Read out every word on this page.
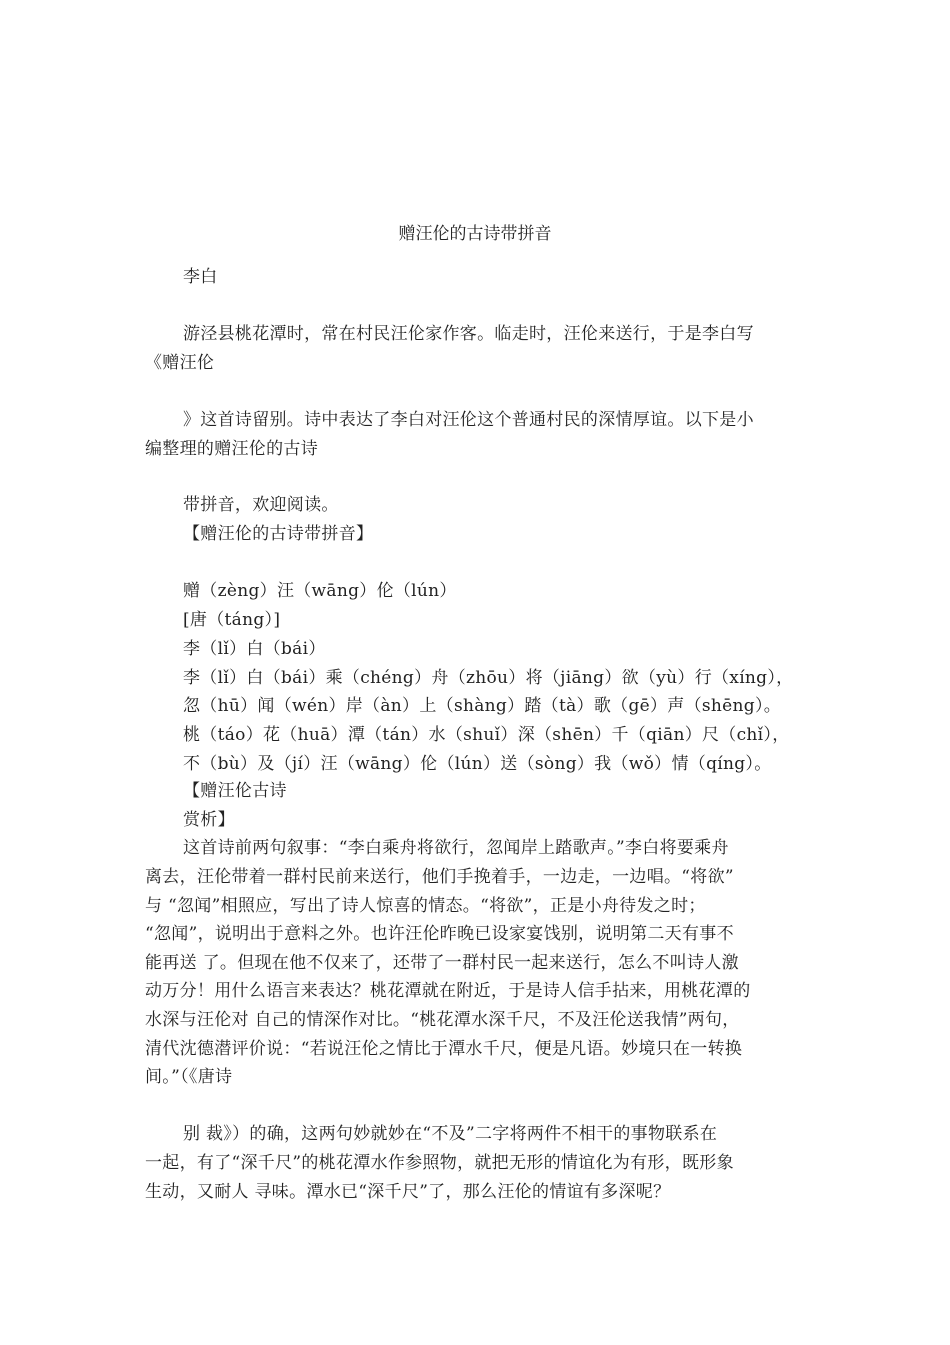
赠汪伦的古诗带拼音
李白
游泾县桃花潭时，常在村民汪伦家作客。临走时，汪伦来送行，于是李白写
《赠汪伦
》这首诗留别。诗中表达了李白对汪伦这个普通村民的深情厚谊。以下是小
编整理的赠汪伦的古诗
带拼音，欢迎阅读。
【赠汪伦的古诗带拼音】
赠（zèng）汪（wāng）伦（lún）
[唐（táng）]
李（lǐ）白（bái）
李（lǐ）白（bái）乘（chéng）舟（zhōu）将（jiāng）欲（yù）行（xíng），
忽（hū）闻（wén）岸（àn）上（shàng）踏（tà）歌（gē）声（shēng）。
桃（táo）花（huā）潭（tán）水（shuǐ）深（shēn）千（qiān）尺（chǐ），
不（bù）及（jí）汪（wāng）伦（lún）送（sòng）我（wǒ）情（qíng）。
【赠汪伦古诗
赏析】
这首诗前两句叙事：“李白乘舟将欲行，忽闻岸上踏歌声。”李白将要乘舟
离去，汪伦带着一群村民前来送行，他们手挽着手，一边走，一边唱。“将欲”
与 “忽闻”相照应，写出了诗人惊喜的情态。“将欲”，正是小舟待发之时；
“忽闻”，说明出于意料之外。也许汪伦昨晚已设家宴饯别，说明第二天有事不
能再送 了。但现在他不仅来了，还带了一群村民一起来送行，怎么不叫诗人激
动万分！用什么语言来表达？桃花潭就在附近，于是诗人信手拈来，用桃花潭的
水深与汪伦对 自己的情深作对比。“桃花潭水深千尺，不及汪伦送我情”两句，
清代沈德潜评价说：“若说汪伦之情比于潭水千尺，便是凡语。妙境只在一转换
间。”（《唐诗
别 裁》）的确，这两句妙就妙在“不及”二字将两件不相干的事物联系在
一起，有了“深千尺”的桃花潭水作参照物，就把无形的情谊化为有形，既形象
生动，又耐人 寻味。潭水已“深千尺”了，那么汪伦的情谊有多深呢？
